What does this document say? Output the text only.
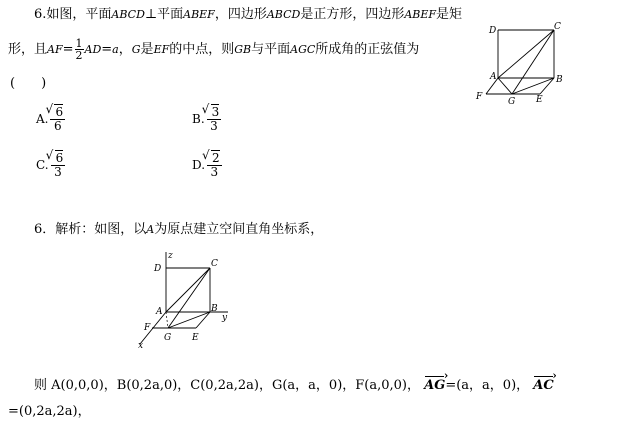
6.如图，平面ABCD⊥平面ABEF，四边形ABCD是正方形，四边形ABEF是矩
形，且$AF= \frac{1}{2} AD=a$，G是EF的中点，则GB与平面AGC所成角的正弦值为
(　　)
A. √ $\frac{6}{6}$	B. √ $\frac{3}{3}$
C. √ $\frac{6}{3}$	D. √ $\frac{2}{3}$
D	C
A	B
F	G E
6．解析：如图，以A为原点建立空间直角坐标系，
D
z
C
A	B
y
F
G E
x
则 A(0,0,0)，B(0,2a,0)，C(0,2a,2a)，G(a，a，0)，F(a,0,0)， AG ›=(a，a，0)， AC ›
=(0,2a,2a)，
